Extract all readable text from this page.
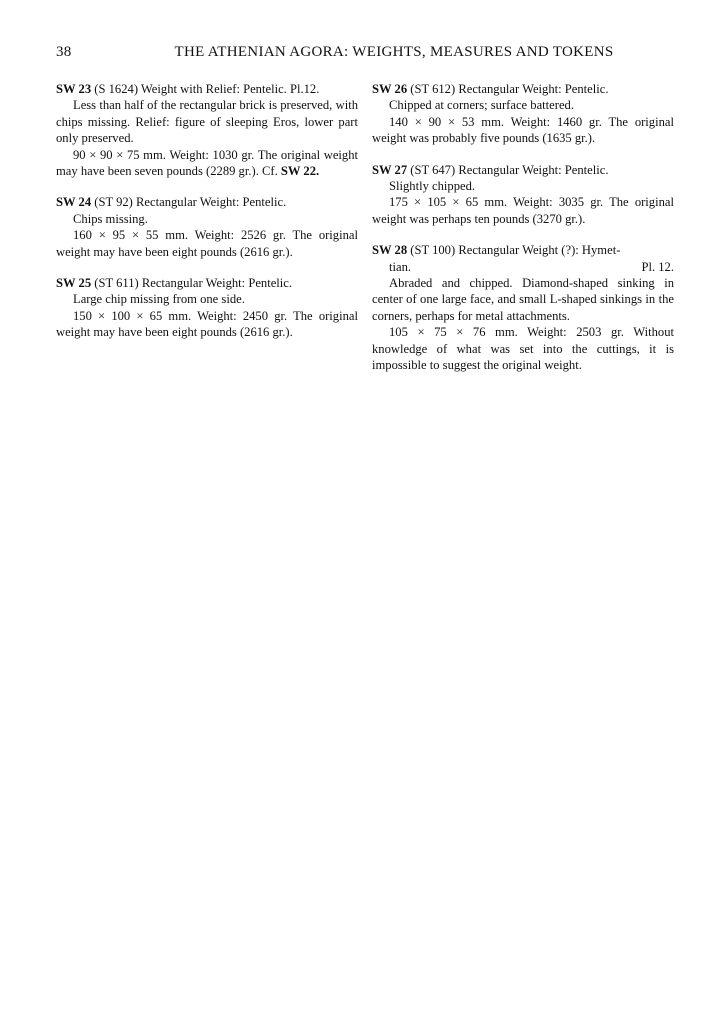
38	THE ATHENIAN AGORA: WEIGHTS, MEASURES AND TOKENS
SW 23 (S 1624) Weight with Relief: Pentelic. Pl.12.
Less than half of the rectangular brick is preserved, with chips missing. Relief: figure of sleeping Eros, lower part only preserved.
90 × 90 × 75 mm. Weight: 1030 gr. The original weight may have been seven pounds (2289 gr.). Cf. SW 22.
SW 24 (ST 92) Rectangular Weight: Pentelic.
Chips missing.
160 × 95 × 55 mm. Weight: 2526 gr. The original weight may have been eight pounds (2616 gr.).
SW 25 (ST 611) Rectangular Weight: Pentelic.
Large chip missing from one side.
150 × 100 × 65 mm. Weight: 2450 gr. The original weight may have been eight pounds (2616 gr.).
SW 26 (ST 612) Rectangular Weight: Pentelic.
Chipped at corners; surface battered.
140 × 90 × 53 mm. Weight: 1460 gr. The original weight was probably five pounds (1635 gr.).
SW 27 (ST 647) Rectangular Weight: Pentelic.
Slightly chipped.
175 × 105 × 65 mm. Weight: 3035 gr. The original weight was perhaps ten pounds (3270 gr.).
SW 28 (ST 100) Rectangular Weight (?): Hymet-
tian.	Pl. 12.
Abraded and chipped. Diamond-shaped sinking in center of one large face, and small L-shaped sinkings in the corners, perhaps for metal attachments.
105 × 75 × 76 mm. Weight: 2503 gr. Without knowledge of what was set into the cuttings, it is impossible to suggest the original weight.
